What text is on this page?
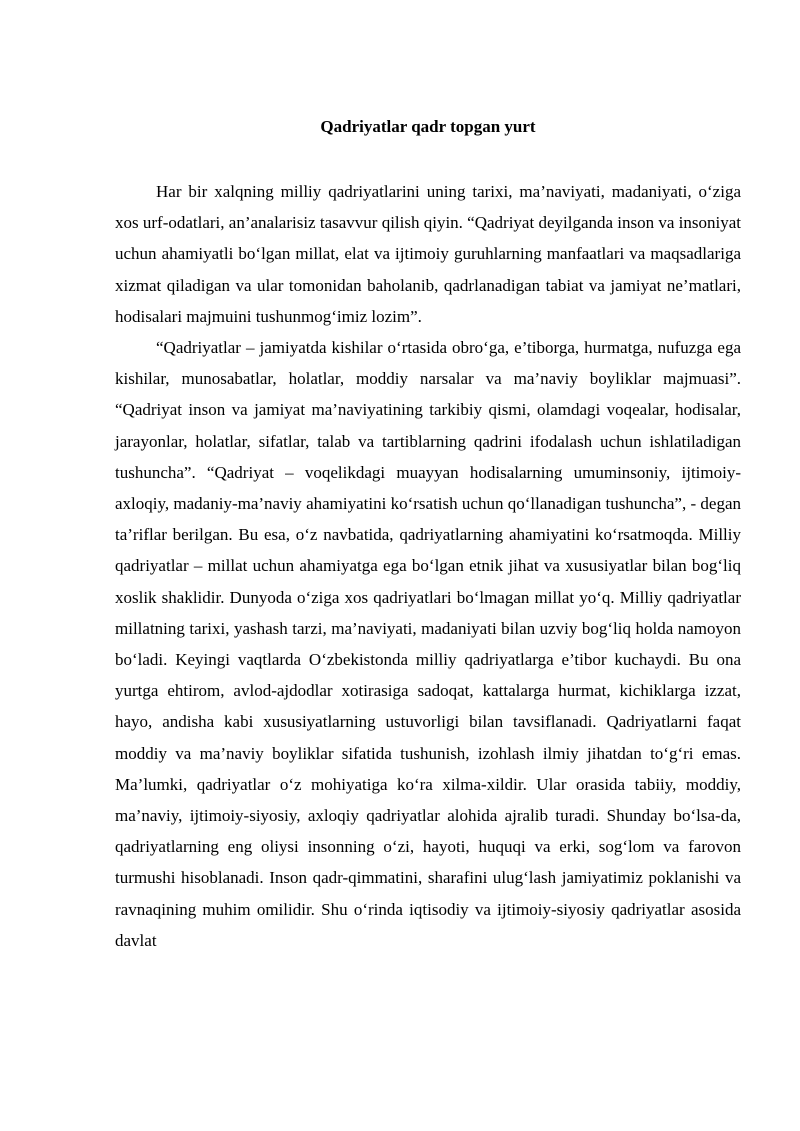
Qadriyatlar qadr topgan yurt

Har bir xalqning milliy qadriyatlarini uning tarixi, ma’naviyati, madaniyati, o‘ziga xos urf-odatlari, an’analarisiz tasavvur qilish qiyin. “Qadriyat deyilganda inson va insoniyat uchun ahamiyatli bo‘lgan millat, elat va ijtimoiy guruhlarning manfaatlari va maqsadlariga xizmat qiladigan va ular tomonidan baholanib, qadrlanadigan tabiat va jamiyat ne’matlari, hodisalari majmuini tushunmog‘imiz lozim”.

“Qadriyatlar – jamiyatda kishilar o‘rtasida obro‘ga, e’tiborga, hurmatga, nufuzga ega kishilar, munosabatlar, holatlar, moddiy narsalar va ma’naviy boyliklar majmuasi”. “Qadriyat inson va jamiyat ma’naviyatining tarkibiy qismi, olamdagi voqealar, hodisalar, jarayonlar, holatlar, sifatlar, talab va tartiblarning qadrini ifodalash uchun ishlatiladigan tushuncha”. “Qadriyat – voqelikdagi muayyan hodisalarning umuminsoniy, ijtimoiy-axloqiy, madaniy-ma’naviy ahamiyatini ko‘rsatish uchun qo‘llanadigan tushuncha”, - degan ta’riflar berilgan. Bu esa, o‘z navbatida, qadriyatlarning ahamiyatini ko‘rsatmoqda. Milliy qadriyatlar – millat uchun ahamiyatga ega bo‘lgan etnik jihat va xususiyatlar bilan bog‘liq xoslik shaklidir. Dunyoda o‘ziga xos qadriyatlari bo‘lmagan millat yo‘q. Milliy qadriyatlar millatning tarixi, yashash tarzi, ma’naviyati, madaniyati bilan uzviy bog‘liq holda namoyon bo‘ladi. Keyingi vaqtlarda O‘zbekistonda milliy qadriyatlarga e’tibor kuchaydi. Bu ona yurtga ehtirom, avlod-ajdodlar xotirasiga sadoqat, kattalarga hurmat, kichiklarga izzat, hayo, andisha kabi xususiyatlarning ustuvorligi bilan tavsiflanadi. Qadriyatlarni faqat moddiy va ma’naviy boyliklar sifatida tushunish, izohlash ilmiy jihatdan to‘g‘ri emas. Ma’lumki, qadriyatlar o‘z mohiyatiga ko‘ra xilma-xildir. Ular orasida tabiiy, moddiy, ma’naviy, ijtimoiy-siyosiy, axloqiy qadriyatlar alohida ajralib turadi. Shunday bo‘lsa-da, qadriyatlarning eng oliysi insonning o‘zi, hayoti, huquqi va erki, sog‘lom va farovon turmushi hisoblanadi. Inson qadr-qimmatini, sharafini ulug‘lash jamiyatimiz poklanishi va ravnaqining muhim omilidir. Shu o‘rinda iqtisodiy va ijtimoiy-siyosiy qadriyatlar asosida davlat
